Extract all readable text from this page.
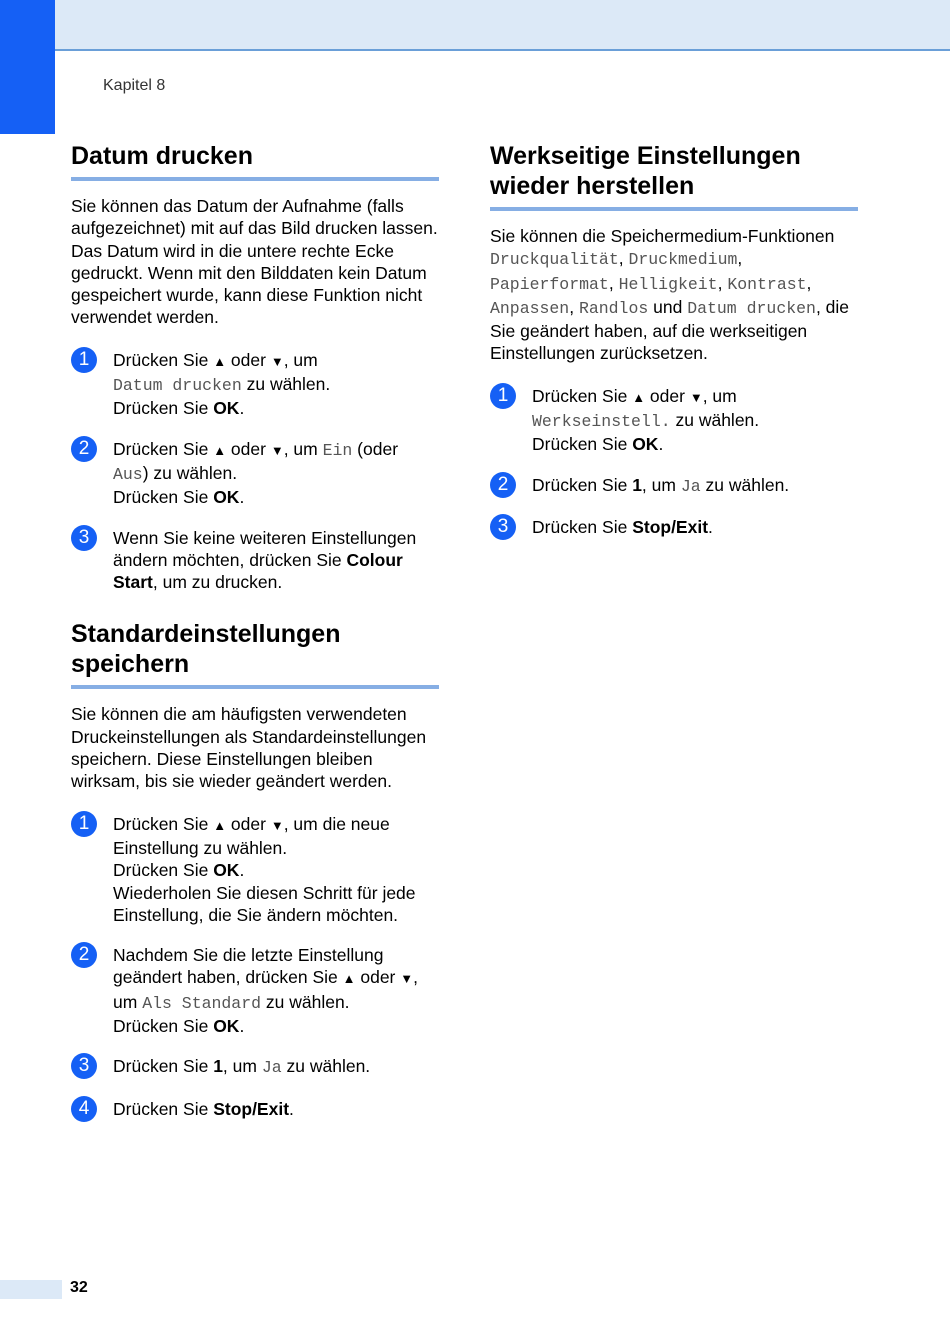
Kapitel 8
Datum drucken

Sie können das Datum der Aufnahme (falls aufgezeichnet) mit auf das Bild drucken lassen. Das Datum wird in die untere rechte Ecke gedruckt. Wenn mit den Bilddaten kein Datum gespeichert wurde, kann diese Funktion nicht verwendet werden.

1	Drücken Sie ▲ oder ▼, um
Datum drucken zu wählen.
Drücken Sie OK.
2	Drücken Sie ▲ oder ▼, um Ein (oder
Aus) zu wählen.
Drücken Sie OK.
3	Wenn Sie keine weiteren Einstellungen ändern möchten, drücken Sie Colour Start, um zu drucken.
Standardeinstellungen speichern

Sie können die am häufigsten verwendeten Druckeinstellungen als Standardeinstellungen speichern. Diese Einstellungen bleiben wirksam, bis sie wieder geändert werden.

1	Drücken Sie ▲ oder ▼, um die neue Einstellung zu wählen.
Drücken Sie OK.
Wiederholen Sie diesen Schritt für jede Einstellung, die Sie ändern möchten.
2	Nachdem Sie die letzte Einstellung geändert haben, drücken Sie ▲ oder ▼, um Als Standard zu wählen.
Drücken Sie OK.
3	Drücken Sie 1, um Ja zu wählen.
4	Drücken Sie Stop/Exit.
Werkseitige Einstellungen wieder herstellen

Sie können die Speichermedium-Funktionen Druckqualität, Druckmedium, Papierformat, Helligkeit, Kontrast, Anpassen, Randlos und Datum drucken, die Sie geändert haben, auf die werkseitigen Einstellungen zurücksetzen.

1	Drücken Sie ▲ oder ▼, um
Werkseinstell. zu wählen.
Drücken Sie OK.
2	Drücken Sie 1, um Ja zu wählen.
3	Drücken Sie Stop/Exit.
32
